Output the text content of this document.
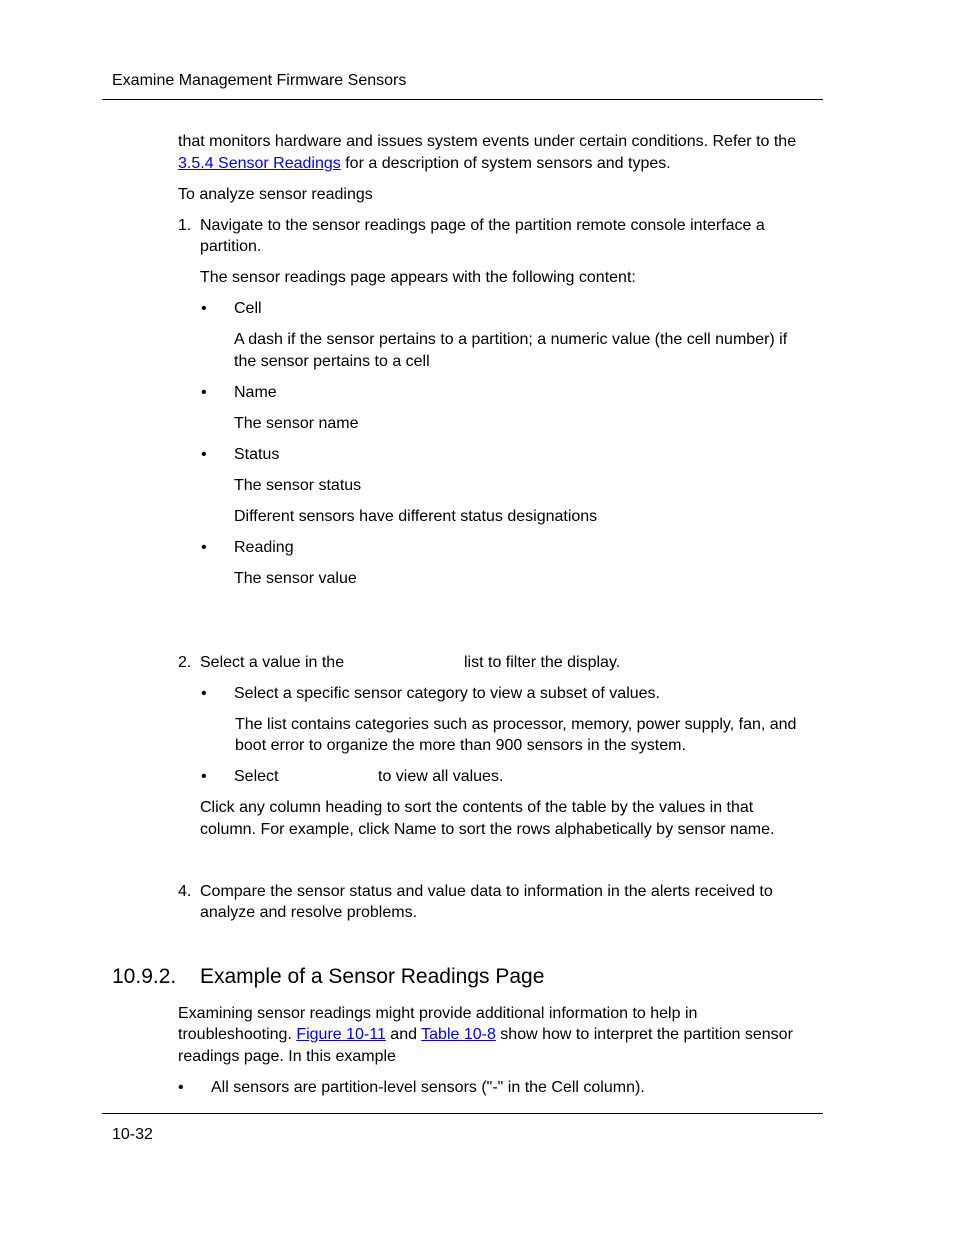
Examine Management Firmware Sensors
that monitors hardware and issues system events under certain conditions. Refer to the
3.5.4 Sensor Readings for a description of system sensors and types.
To analyze sensor readings
1. Navigate to the sensor readings page of the partition remote console interface a
partition.
The sensor readings page appears with the following content:
• Cell
A dash if the sensor pertains to a partition; a numeric value (the cell number) if
the sensor pertains to a cell
• Name
The sensor name
• Status
The sensor status
Different sensors have different status designations
• Reading
The sensor value
2. Select a value in the	list to filter the display.
• Select a specific sensor category to view a subset of values.
The list contains categories such as processor, memory, power supply, fan, and
boot error to organize the more than 900 sensors in the system.
• Select	to view all values.
Click any column heading to sort the contents of the table by the values in that
column. For example, click Name to sort the rows alphabetically by sensor name.
4. Compare the sensor status and value data to information in the alerts received to
analyze and resolve problems.
10.9.2. Example of a Sensor Readings Page
Examining sensor readings might provide additional information to help in
troubleshooting. Figure 10-11 and Table 10-8 show how to interpret the partition sensor
readings page. In this example
• All sensors are partition-level sensors ("-" in the Cell column).
10-32
